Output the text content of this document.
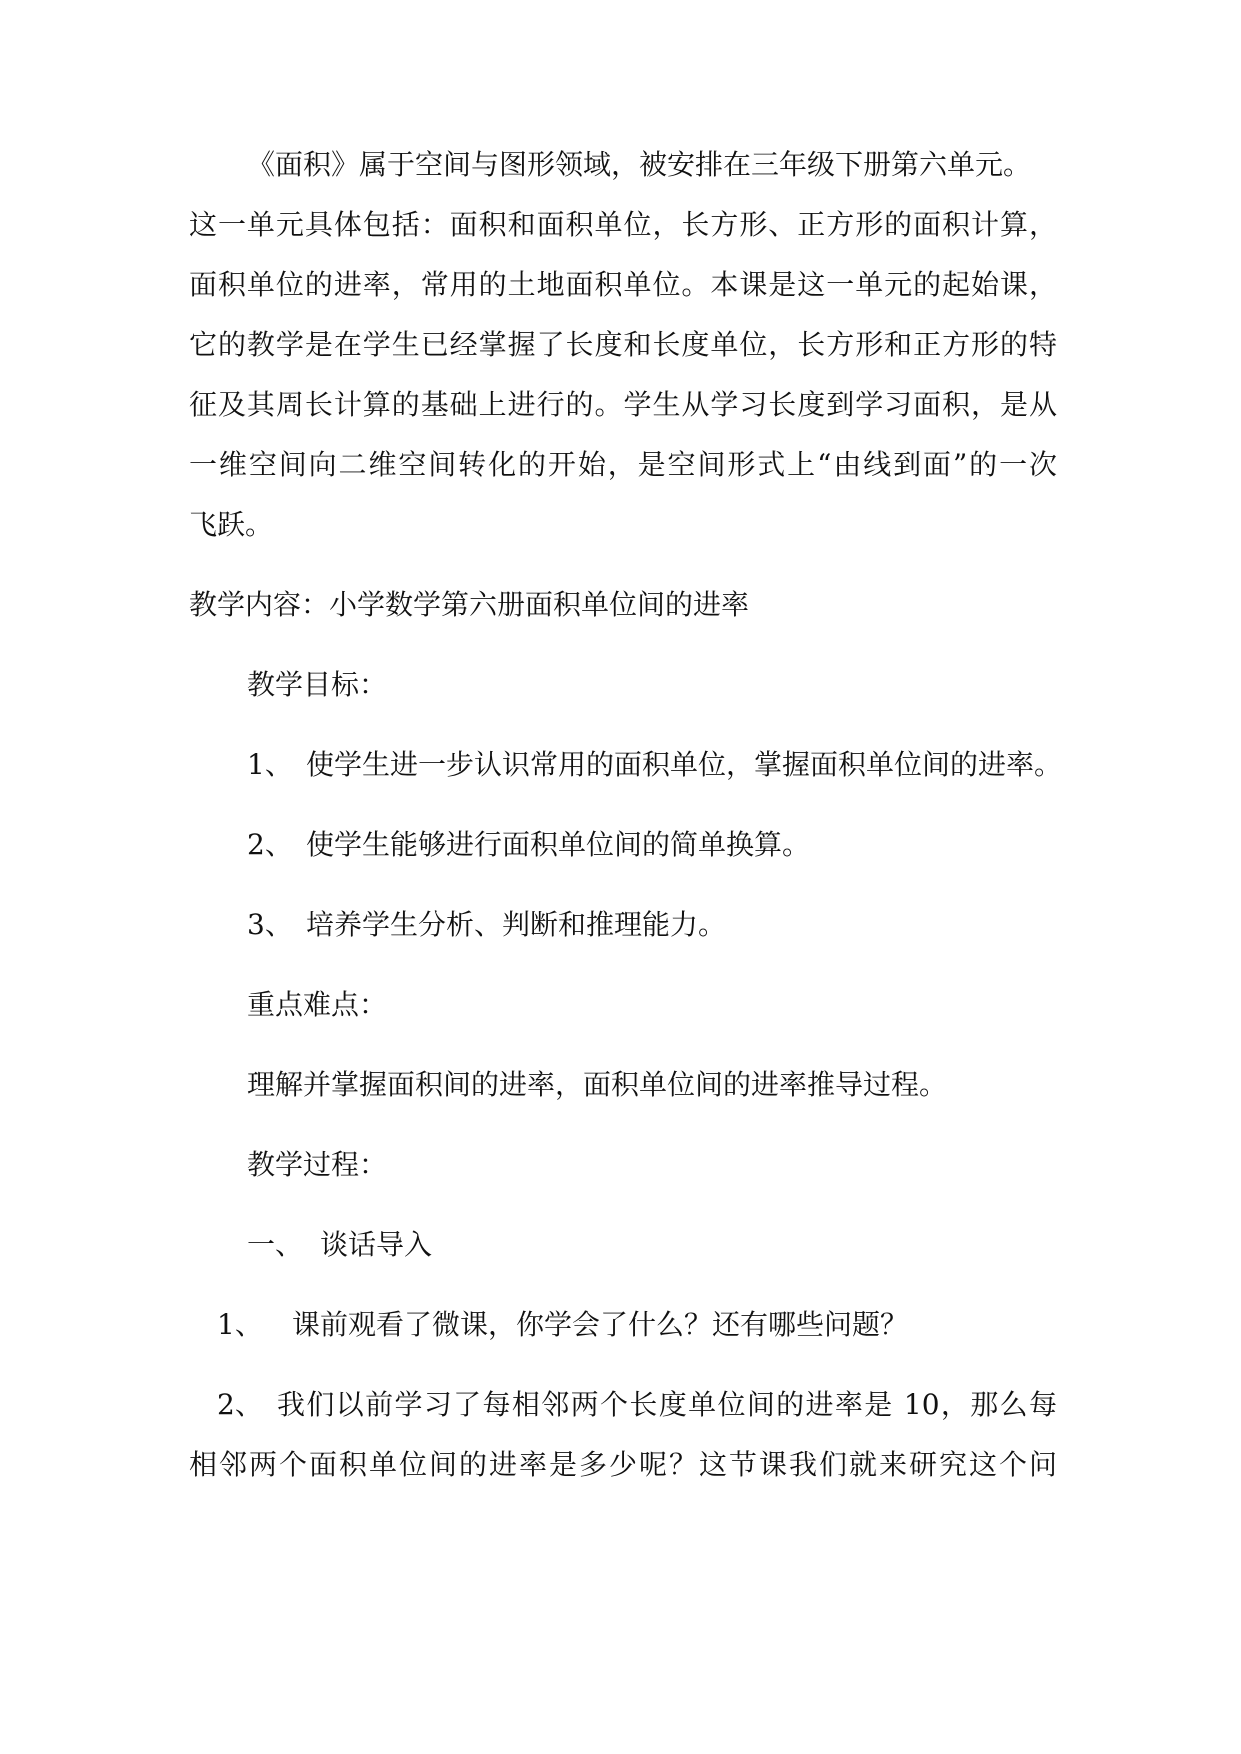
《面积》属于空间与图形领域，被安排在三年级下册第六单元。
这一单元具体包括：面积和面积单位，长方形、正方形的面积计算，
面积单位的进率，常用的土地面积单位。本课是这一单元的起始课，
它的教学是在学生已经掌握了长度和长度单位，长方形和正方形的特
征及其周长计算的基础上进行的。学生从学习长度到学习面积，是从
一维空间向二维空间转化的开始，是空间形式上“由线到面”的一次
飞跃。
教学内容：小学数学第六册面积单位间的进率
教学目标：
1、 使学生进一步认识常用的面积单位，掌握面积单位间的进率。
2、 使学生能够进行面积单位间的简单换算。
3、 培养学生分析、判断和推理能力。
重点难点：
理解并掌握面积间的进率，面积单位间的进率推导过程。
教学过程：
一、 谈话导入
1、 课前观看了微课，你学会了什么？还有哪些问题？
2、 我们以前学习了每相邻两个长度单位间的进率是 10，那么每
相邻两个面积单位间的进率是多少呢？这节课我们就来研究这个问
